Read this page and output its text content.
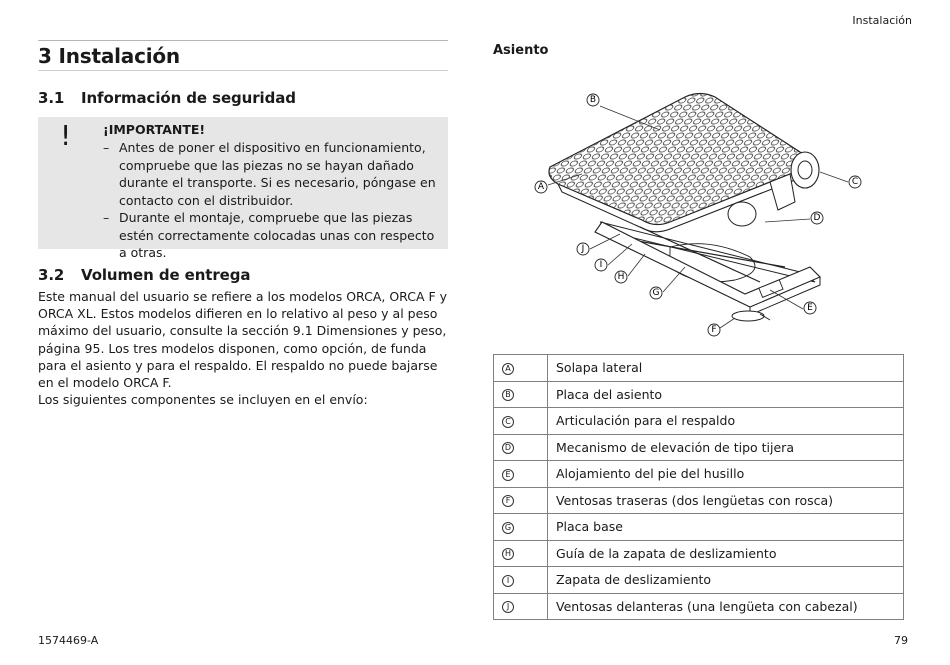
Instalación
3 Instalación
3.1 Información de seguridad
!	¡IMPORTANTE!
– Antes de poner el dispositivo en funcionamiento, compruebe que las piezas no se hayan dañado durante el transporte. Si es necesario, póngase en contacto con el distribuidor.
– Durante el montaje, compruebe que las piezas estén correctamente colocadas unas con respecto a otras.
3.2 Volumen de entrega

Este manual del usuario se refiere a los modelos ORCA, ORCA F y ORCA XL. Estos modelos difieren en lo relativo al peso y al peso máximo del usuario, consulte la sección 9.1 Dimensiones y peso, página 95. Los tres modelos disponen, como opción, de funda para el asiento y para el respaldo. El respaldo no puede bajarse en el modelo ORCA F.

Los siguientes componentes se incluyen en el envío:

Asiento
B
A	C
D
J
I
H
G
E
F
A	Solapa lateral
B	Placa del asiento
C	Articulación para el respaldo
D	Mecanismo de elevación de tipo tijera
E	Alojamiento del pie del husillo
F	Ventosas traseras (dos lengüetas con rosca)
G	Placa base
H	Guía de la zapata de deslizamiento
I	Zapata de deslizamiento
J	Ventosas delanteras (una lengüeta con cabezal)
1574469-A	79
